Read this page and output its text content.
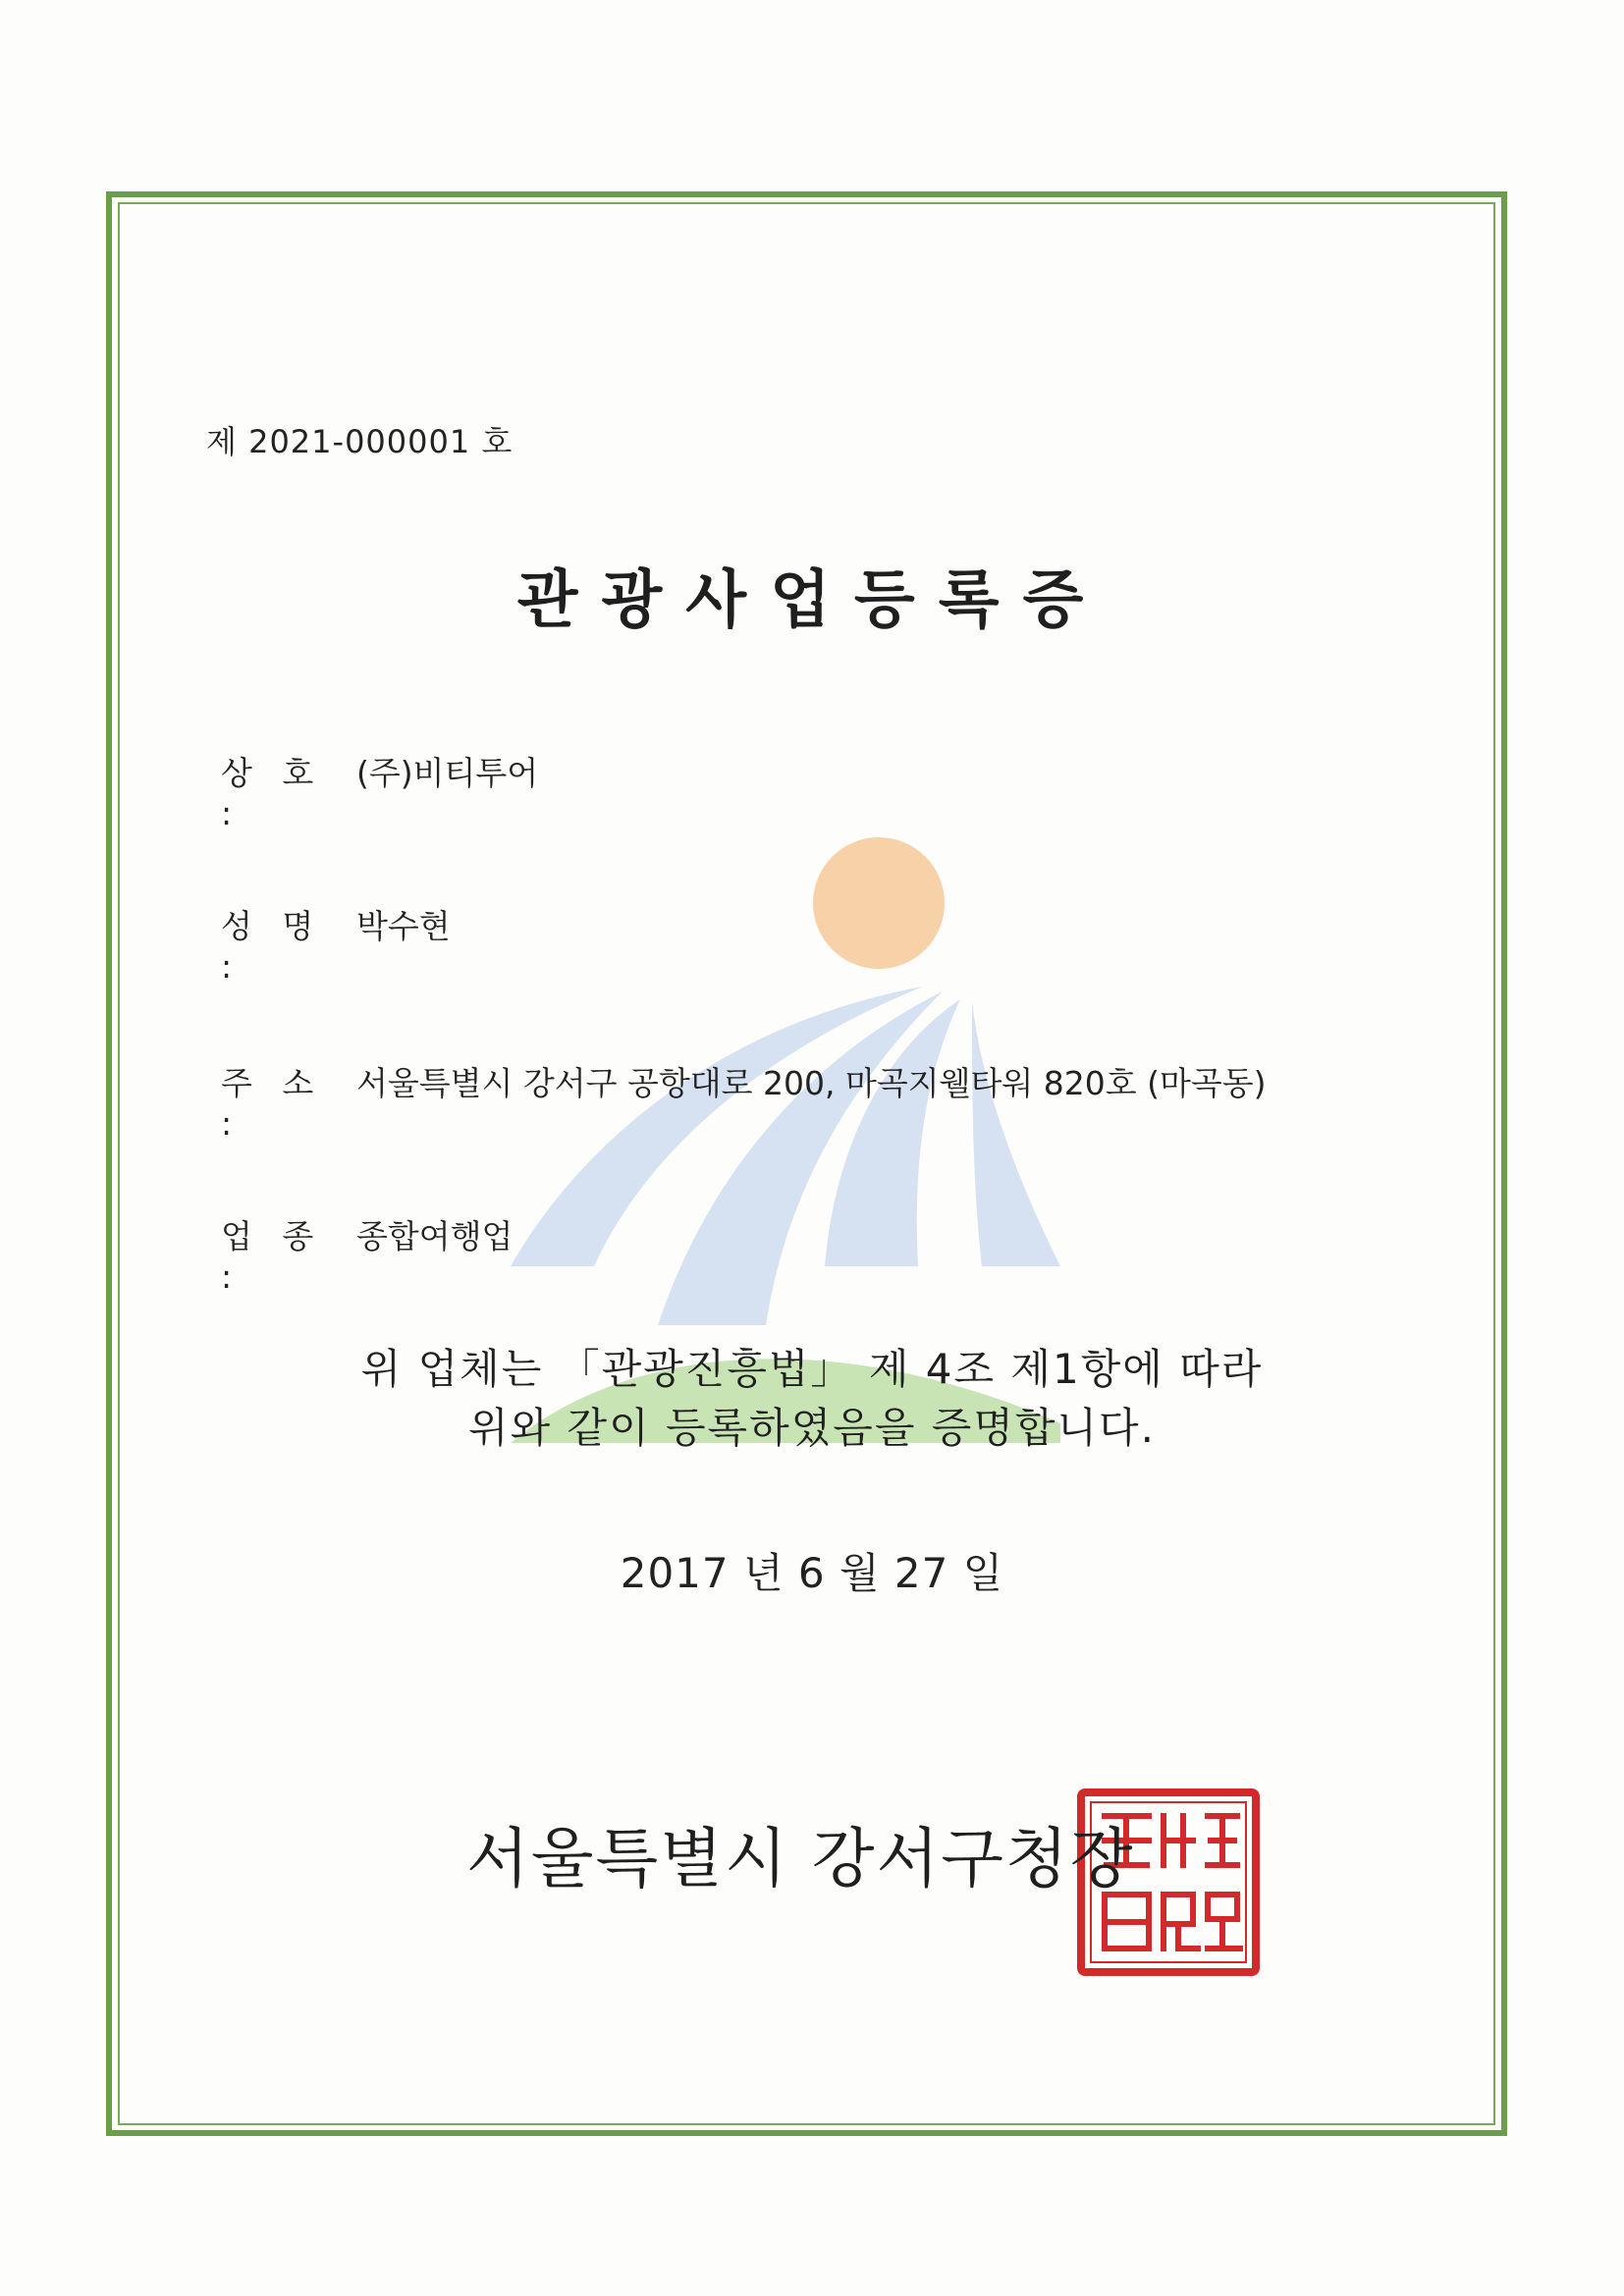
제 2021-000001 호
관광사업등록증
상 호 :
(주)비티투어
성 명 :
박수현
주 소 :
서울특별시 강서구 공항대로 200, 마곡지웰타워 820호 (마곡동)
업 종 :
종합여행업
위 업체는 「관광진흥법」 제 4조 제1항에 따라
위와 같이 등록하였음을 증명합니다.
2017 년 6 월 27 일
서울특별시강서구청장인
서울특별시 강서구청장
